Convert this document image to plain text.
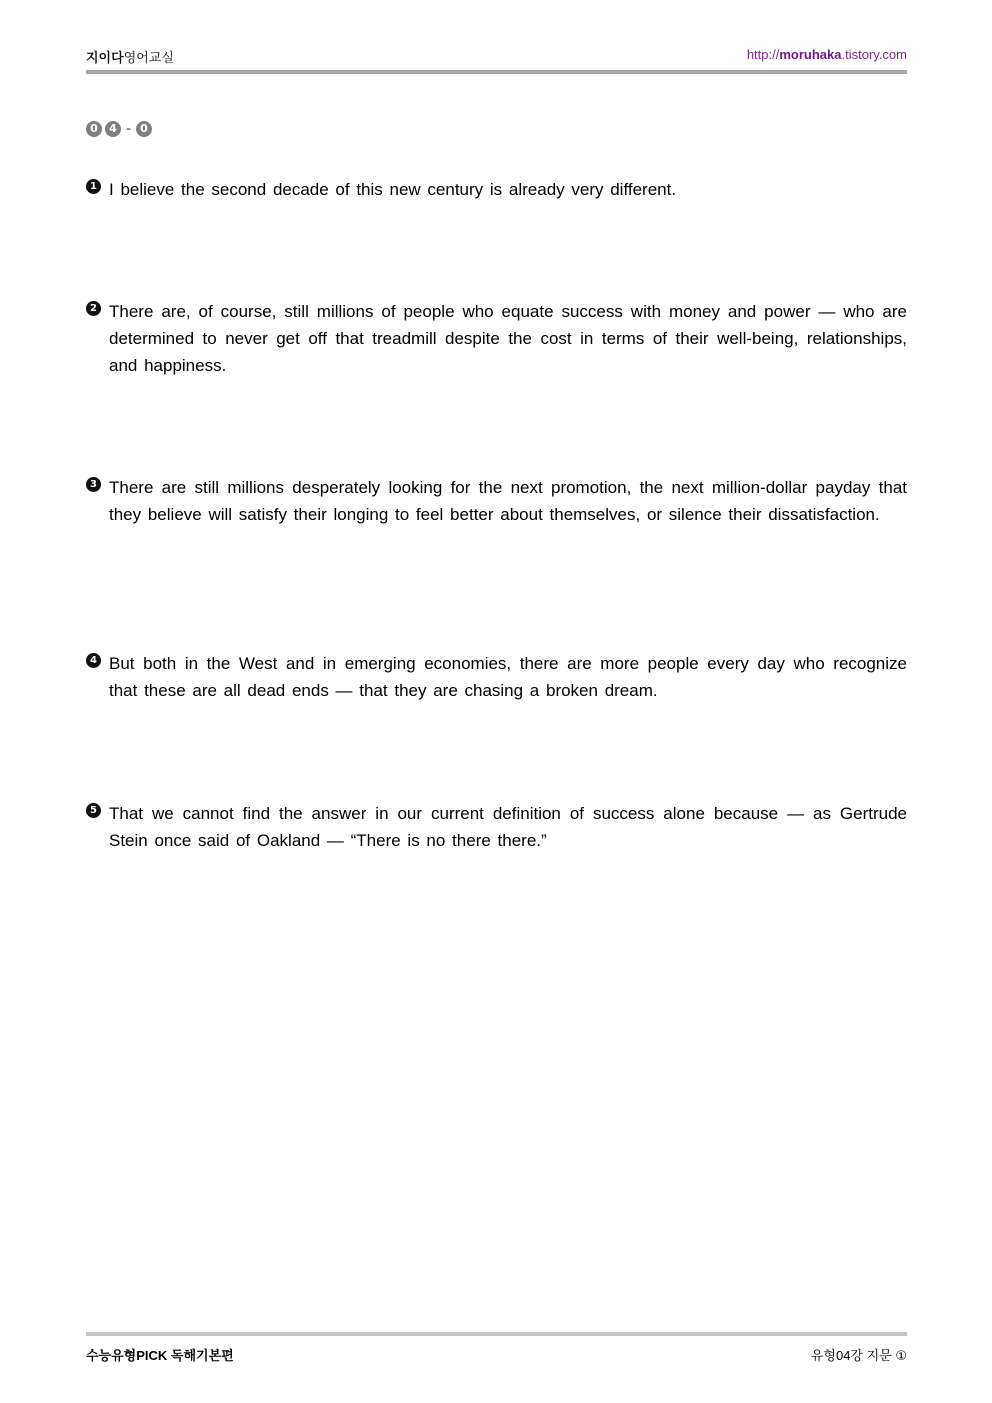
지이다영어교실	http://moruhaka.tistory.com
0	4 - 0
1 I believe the second decade of this new century is already very different.
2 There are, of course, still millions of people who equate success with money and power — who are determined to never get off that treadmill despite the cost in terms of their well-being, relationships, and happiness.
3 There are still millions desperately looking for the next promotion, the next million-dollar payday that they believe will satisfy their longing to feel better about themselves, or silence their dissatisfaction.
4 But both in the West and in emerging economies, there are more people every day who recognize that these are all dead ends — that they are chasing a broken dream.
5 That we cannot find the answer in our current definition of success alone because — as Gertrude Stein once said of Oakland — “There is no there there.”
수능유형PICK 독해기본편	유형04강 지문 ①
